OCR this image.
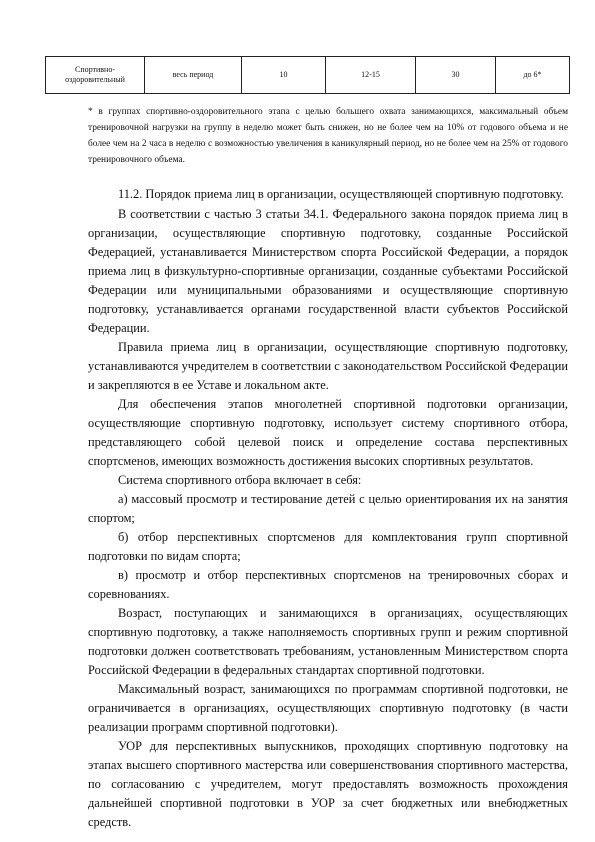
Спортивно-оздоровительный	весь период	10	12-15	30	до 6*

* в группах спортивно-оздоровительного этапа с целью большего охвата занимающихся, максимальный объем тренировочной нагрузки на группу в неделю может быть снижен, но не более чем на 10% от годового объема и не более чем на 2 часа в неделю с возможностью увеличения в каникулярный период, но не более чем на 25% от годового тренировочного объема.

11.2. Порядок приема лиц в организации, осуществляющей спортивную подготовку.

В соответствии с частью 3 статьи 34.1. Федерального закона порядок приема лиц в организации, осуществляющие спортивную подготовку, созданные Российской Федерацией, устанавливается Министерством спорта Российской Федерации, а порядок приема лиц в физкультурно-спортивные организации, созданные субъектами Российской Федерации или муниципальными образованиями и осуществляющие спортивную подготовку, устанавливается органами государственной власти субъектов Российской Федерации.

Правила приема лиц в организации, осуществляющие спортивную подготовку, устанавливаются учредителем в соответствии с законодательством Российской Федерации и закрепляются в ее Уставе и локальном акте.

Для обеспечения этапов многолетней спортивной подготовки организации, осуществляющие спортивную подготовку, использует систему спортивного отбора, представляющего собой целевой поиск и определение состава перспективных спортсменов, имеющих возможность достижения высоких спортивных результатов.

Система спортивного отбора включает в себя:

а) массовый просмотр и тестирование детей с целью ориентирования их на занятия спортом;

б) отбор перспективных спортсменов для комплектования групп спортивной подготовки по видам спорта;

в) просмотр и отбор перспективных спортсменов на тренировочных сборах и соревнованиях.

Возраст, поступающих и занимающихся в организациях, осуществляющих спортивную подготовку, а также наполняемость спортивных групп и режим спортивной подготовки должен соответствовать требованиям, установленным Министерством спорта Российской Федерации в федеральных стандартах спортивной подготовки.

Максимальный возраст, занимающихся по программам спортивной подготовки, не ограничивается в организациях, осуществляющих спортивную подготовку (в части реализации программ спортивной подготовки).

УОР для перспективных выпускников, проходящих спортивную подготовку на этапах высшего спортивного мастерства или совершенствования спортивного мастерства, по согласованию с учредителем, могут предоставлять возможность прохождения дальнейшей спортивной подготовки в УОР за счет бюджетных или внебюджетных средств.
